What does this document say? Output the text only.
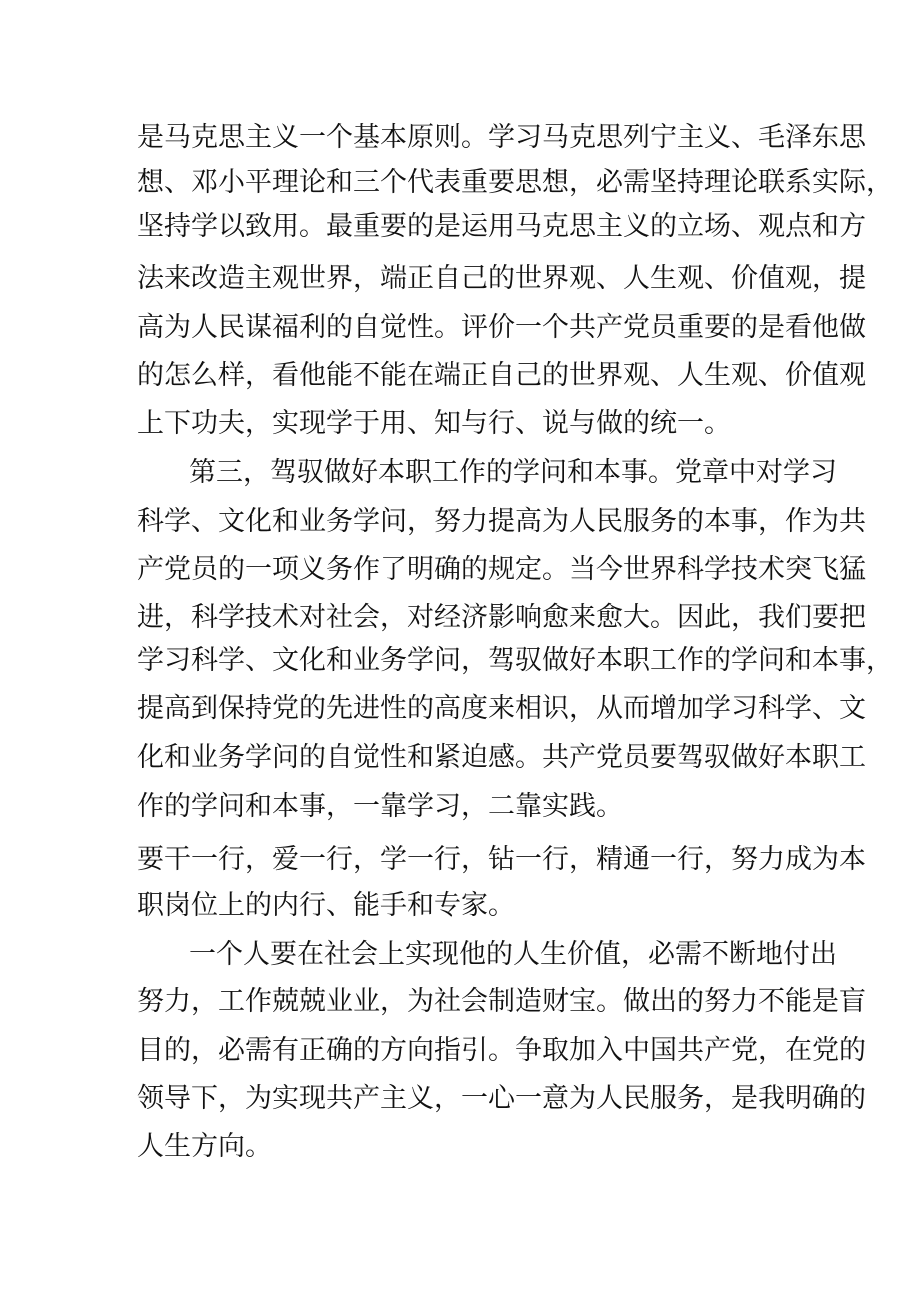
是马克思主义一个基本原则。学习马克思列宁主义、毛泽东思
想、邓小平理论和三个代表重要思想，必需坚持理论联系实际，
坚持学以致用。最重要的是运用马克思主义的立场、观点和方
法来改造主观世界，端正自己的世界观、人生观、价值观，提
高为人民谋福利的自觉性。评价一个共产党员重要的是看他做
的怎么样，看他能不能在端正自己的世界观、人生观、价值观
上下功夫，实现学于用、知与行、说与做的统一。
第三，驾驭做好本职工作的学问和本事。党章中对学习
科学、文化和业务学问，努力提高为人民服务的本事，作为共
产党员的一项义务作了明确的规定。当今世界科学技术突飞猛
进，科学技术对社会，对经济影响愈来愈大。因此，我们要把
学习科学、文化和业务学问，驾驭做好本职工作的学问和本事，
提高到保持党的先进性的高度来相识，从而增加学习科学、文
化和业务学问的自觉性和紧迫感。共产党员要驾驭做好本职工
作的学问和本事，一靠学习，二靠实践。
要干一行，爱一行，学一行，钻一行，精通一行，努力成为本
职岗位上的内行、能手和专家。
一个人要在社会上实现他的人生价值，必需不断地付出
努力，工作兢兢业业，为社会制造财宝。做出的努力不能是盲
目的，必需有正确的方向指引。争取加入中国共产党，在党的
领导下，为实现共产主义，一心一意为人民服务，是我明确的
人生方向。
